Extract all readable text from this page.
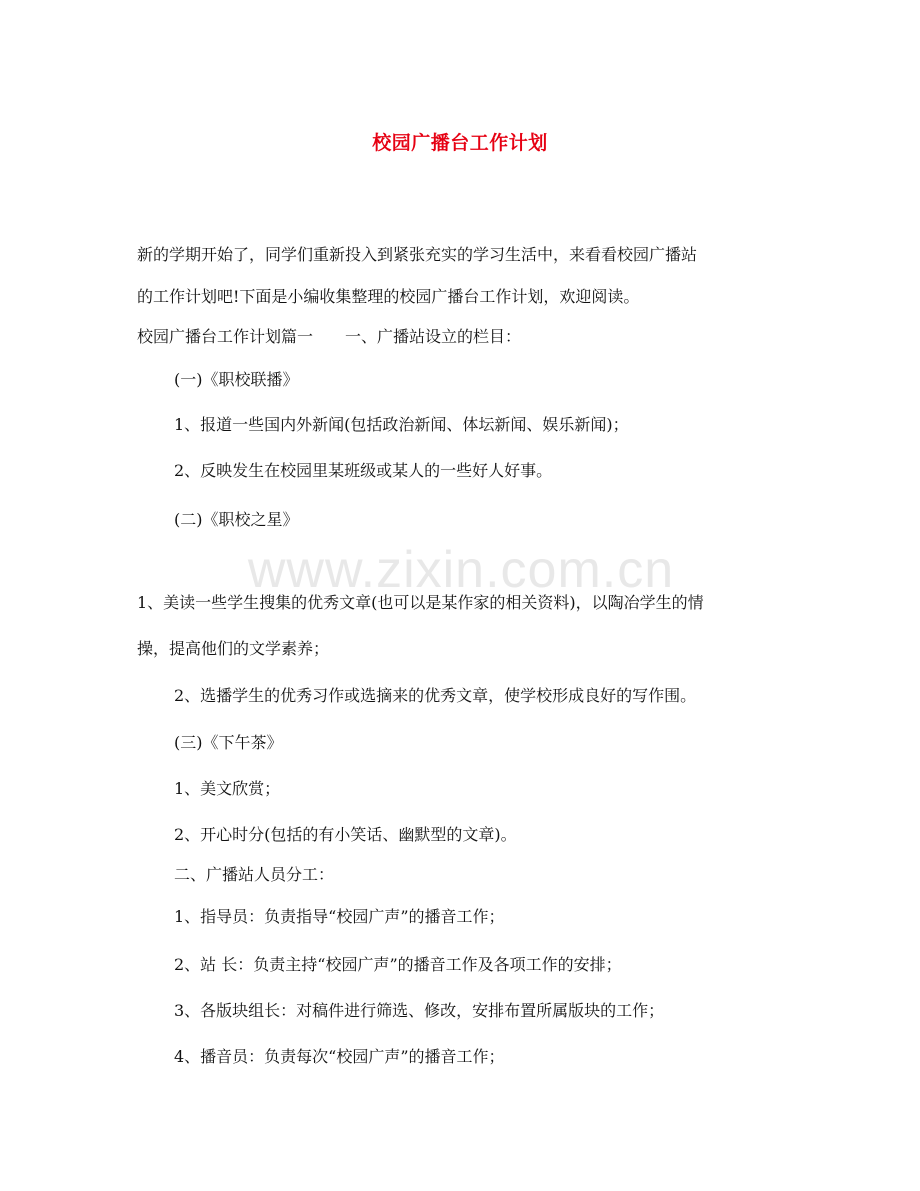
www.zixin.com.cn
校园广播台工作计划
新的学期开始了，同学们重新投入到紧张充实的学习生活中，来看看校园广播站
的工作计划吧!下面是小编收集整理的校园广播台工作计划，欢迎阅读。
校园广播台工作计划篇一　　一、广播站设立的栏目：
(一)《职校联播》
1、报道一些国内外新闻(包括政治新闻、体坛新闻、娱乐新闻)；
2、反映发生在校园里某班级或某人的一些好人好事。
(二)《职校之星》
1、美读一些学生搜集的优秀文章(也可以是某作家的相关资料)，以陶冶学生的情
操，提高他们的文学素养；
2、选播学生的优秀习作或选摘来的优秀文章，使学校形成良好的写作围。
(三)《下午茶》
1、美文欣赏；
2、开心时分(包括的有小笑话、幽默型的文章)。
二、广播站人员分工：
1、指导员：负责指导“校园广声”的播音工作；
2、站 长：负责主持“校园广声”的播音工作及各项工作的安排；
3、各版块组长：对稿件进行筛选、修改，安排布置所属版块的工作；
4、播音员：负责每次“校园广声”的播音工作；
